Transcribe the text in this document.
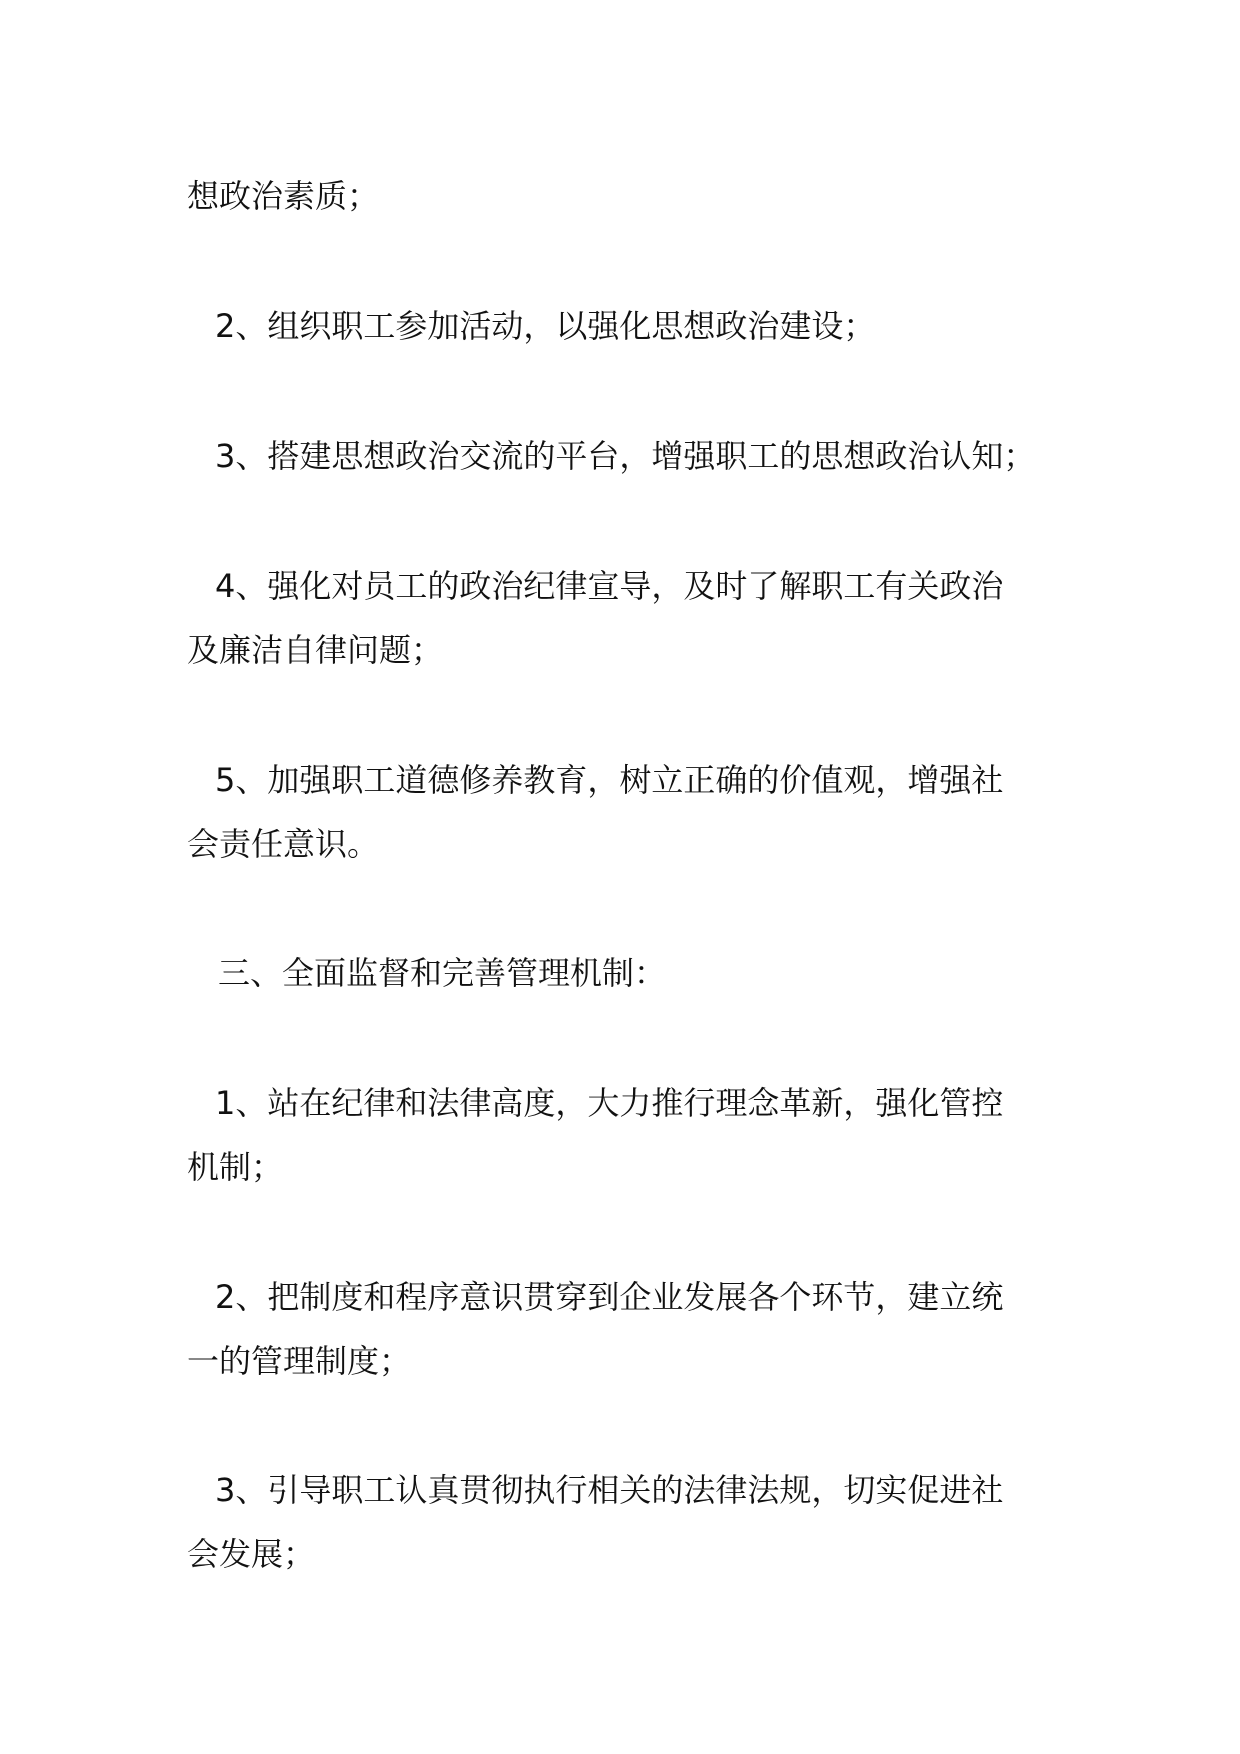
想政治素质；
2、组织职工参加活动，以强化思想政治建设；
3、搭建思想政治交流的平台，增强职工的思想政治认知；
4、强化对员工的政治纪律宣导，及时了解职工有关政治
及廉洁自律问题；
5、加强职工道德修养教育，树立正确的价值观，增强社
会责任意识。
三、全面监督和完善管理机制：
1、站在纪律和法律高度，大力推行理念革新，强化管控
机制；
2、把制度和程序意识贯穿到企业发展各个环节，建立统
一的管理制度；
3、引导职工认真贯彻执行相关的法律法规，切实促进社
会发展；
